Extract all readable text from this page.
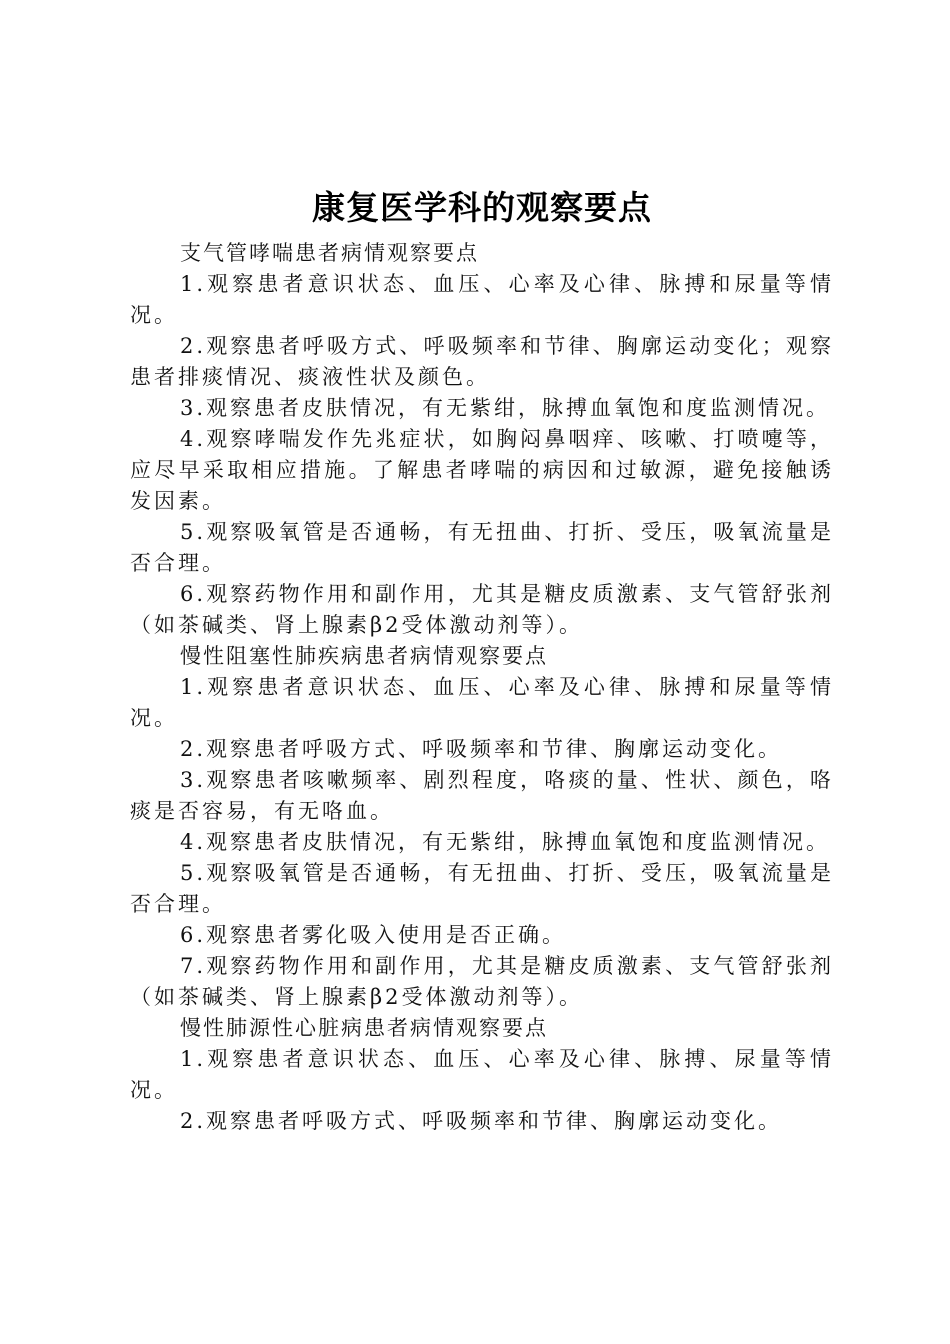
康复医学科的观察要点

支气管哮喘患者病情观察要点

1.观察患者意识状态、血压、心率及心律、脉搏和尿量等情况。

2.观察患者呼吸方式、呼吸频率和节律、胸廓运动变化；观察患者排痰情况、痰液性状及颜色。

3.观察患者皮肤情况，有无紫绀，脉搏血氧饱和度监测情况。

4.观察哮喘发作先兆症状，如胸闷鼻咽痒、咳嗽、打喷嚏等，应尽早采取相应措施。了解患者哮喘的病因和过敏源，避免接触诱发因素。

5.观察吸氧管是否通畅，有无扭曲、打折、受压，吸氧流量是否合理。

6.观察药物作用和副作用，尤其是糖皮质激素、支气管舒张剂（如茶碱类、肾上腺素β2受体激动剂等）。

慢性阻塞性肺疾病患者病情观察要点

1.观察患者意识状态、血压、心率及心律、脉搏和尿量等情况。

2.观察患者呼吸方式、呼吸频率和节律、胸廓运动变化。

3.观察患者咳嗽频率、剧烈程度，咯痰的量、性状、颜色，咯痰是否容易，有无咯血。

4.观察患者皮肤情况，有无紫绀，脉搏血氧饱和度监测情况。

5.观察吸氧管是否通畅，有无扭曲、打折、受压，吸氧流量是否合理。

6.观察患者雾化吸入使用是否正确。

7.观察药物作用和副作用，尤其是糖皮质激素、支气管舒张剂（如茶碱类、肾上腺素β2受体激动剂等）。

慢性肺源性心脏病患者病情观察要点

1.观察患者意识状态、血压、心率及心律、脉搏、尿量等情况。

2.观察患者呼吸方式、呼吸频率和节律、胸廓运动变化。
